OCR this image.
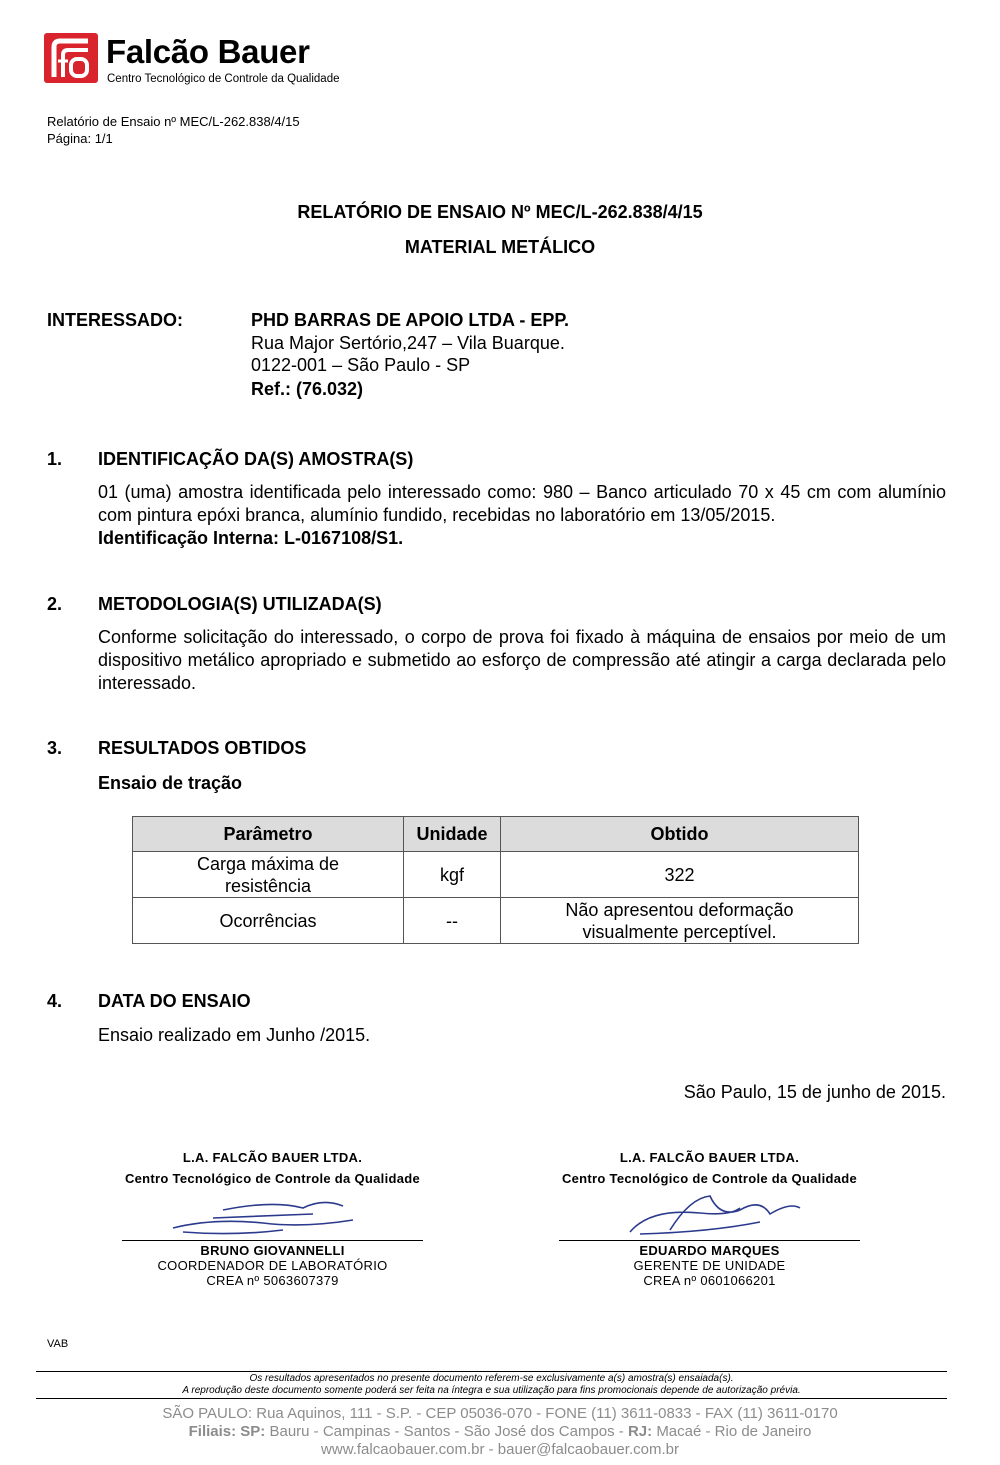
Falcão Bauer
Centro Tecnológico de Controle da Qualidade
Relatório de Ensaio nº MEC/L-262.838/4/15
Página: 1/1
RELATÓRIO DE ENSAIO Nº MEC/L-262.838/4/15
MATERIAL METÁLICO
INTERESSADO:	PHD BARRAS DE APOIO LTDA - EPP.
Rua Major Sertório,247 – Vila Buarque.
0122-001 – São Paulo - SP
Ref.: (76.032)
1. IDENTIFICAÇÃO DA(S) AMOSTRA(S)
01 (uma) amostra identificada pelo interessado como: 980 – Banco articulado 70 x 45 cm com alumínio com pintura epóxi branca, alumínio fundido, recebidas no laboratório em 13/05/2015.
Identificação Interna: L-0167108/S1.
2. METODOLOGIA(S) UTILIZADA(S)
Conforme solicitação do interessado, o corpo de prova foi fixado à máquina de ensaios por meio de um dispositivo metálico apropriado e submetido ao esforço de compressão até atingir a carga declarada pelo interessado.
3. RESULTADOS OBTIDOS
Ensaio de tração
Parâmetro	Unidade	Obtido
Carga máxima de resistência	kgf	322
Ocorrências	--	Não apresentou deformação visualmente perceptível.
4. DATA DO ENSAIO
Ensaio realizado em Junho /2015.
São Paulo, 15 de junho de 2015.
L.A. FALCÃO BAUER LTDA.
Centro Tecnológico de Controle da Qualidade
BRUNO GIOVANNELLI
COORDENADOR DE LABORATÓRIO
CREA nº 5063607379
L.A. FALCÃO BAUER LTDA.
Centro Tecnológico de Controle da Qualidade
EDUARDO MARQUES
GERENTE DE UNIDADE
CREA nº 0601066201
VAB
Os resultados apresentados no presente documento referem-se exclusivamente a(s) amostra(s) ensaiada(s).
A reprodução deste documento somente poderá ser feita na íntegra e sua utilização para fins promocionais depende de autorização prévia.
SÃO PAULO: Rua Aquinos, 111 - S.P. - CEP 05036-070 - FONE (11) 3611-0833 - FAX (11) 3611-0170
Filiais: SP: Bauru - Campinas - Santos - São José dos Campos - RJ: Macaé - Rio de Janeiro
www.falcaobauer.com.br - bauer@falcaobauer.com.br
